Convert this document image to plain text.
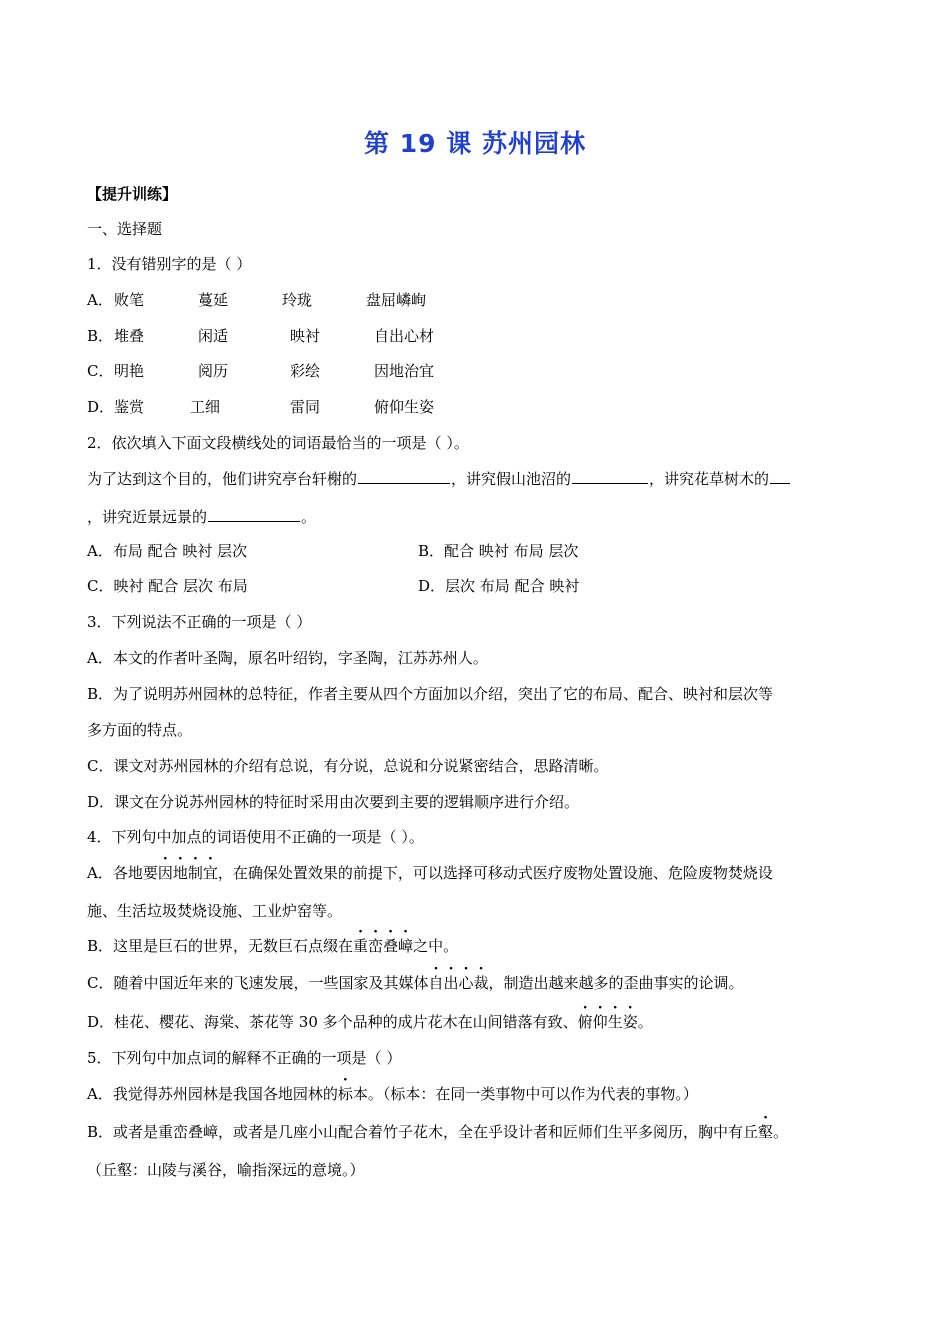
第 19 课 苏州园林
【提升训练】
一、选择题
1．没有错别字的是（ ）
A． 败笔	蔓延	玲珑	盘屈嶙峋
B． 堆叠	闲适	映衬	自出心材
C． 明艳	阅历	彩绘	因地治宜
D． 鉴赏	工细	雷同	俯仰生姿
2．依次填入下面文段横线处的词语最恰当的一项是（ ）。
为了达到这个目的，他们讲究亭台轩榭的	，讲究假山池沼的	，讲究花草树木的
，讲究近景远景的	。
A．布局 配合 映衬 层次	B．配合 映衬 布局 层次
C．映衬 配合 层次 布局	D．层次 布局 配合 映衬
3．下列说法不正确的一项是（ ）
A．本文的作者叶圣陶，原名叶绍钧，字圣陶，江苏苏州人。
B．为了说明苏州园林的总特征，作者主要从四个方面加以介绍，突出了它的布局、配合、映衬和层次等
多方面的特点。
C．课文对苏州园林的介绍有总说，有分说，总说和分说紧密结合，思路清晰。
D．课文在分说苏州园林的特征时采用由次要到主要的逻辑顺序进行介绍。
4．下列句中加点的词语使用不正确的一项是（ ）。
A．各地要因地制宜，在确保处置效果的前提下，可以选择可移动式医疗废物处置设施、危险废物焚烧设
施、生活垃圾焚烧设施、工业炉窑等。
B．这里是巨石的世界，无数巨石点缀在重峦叠嶂之中。
C．随着中国近年来的飞速发展，一些国家及其媒体自出心裁，制造出越来越多的歪曲事实的论调。
D．桂花、樱花、海棠、茶花等 30 多个品种的成片花木在山间错落有致、俯仰生姿。
5．下列句中加点词的解释不正确的一项是（ ）
A．我觉得苏州园林是我国各地园林的标本。（标本：在同一类事物中可以作为代表的事物。）
B．或者是重峦叠嶂，或者是几座小山配合着竹子花木，全在乎设计者和匠师们生平多阅历，胸中有丘壑。
（丘壑：山陵与溪谷，喻指深远的意境。）
